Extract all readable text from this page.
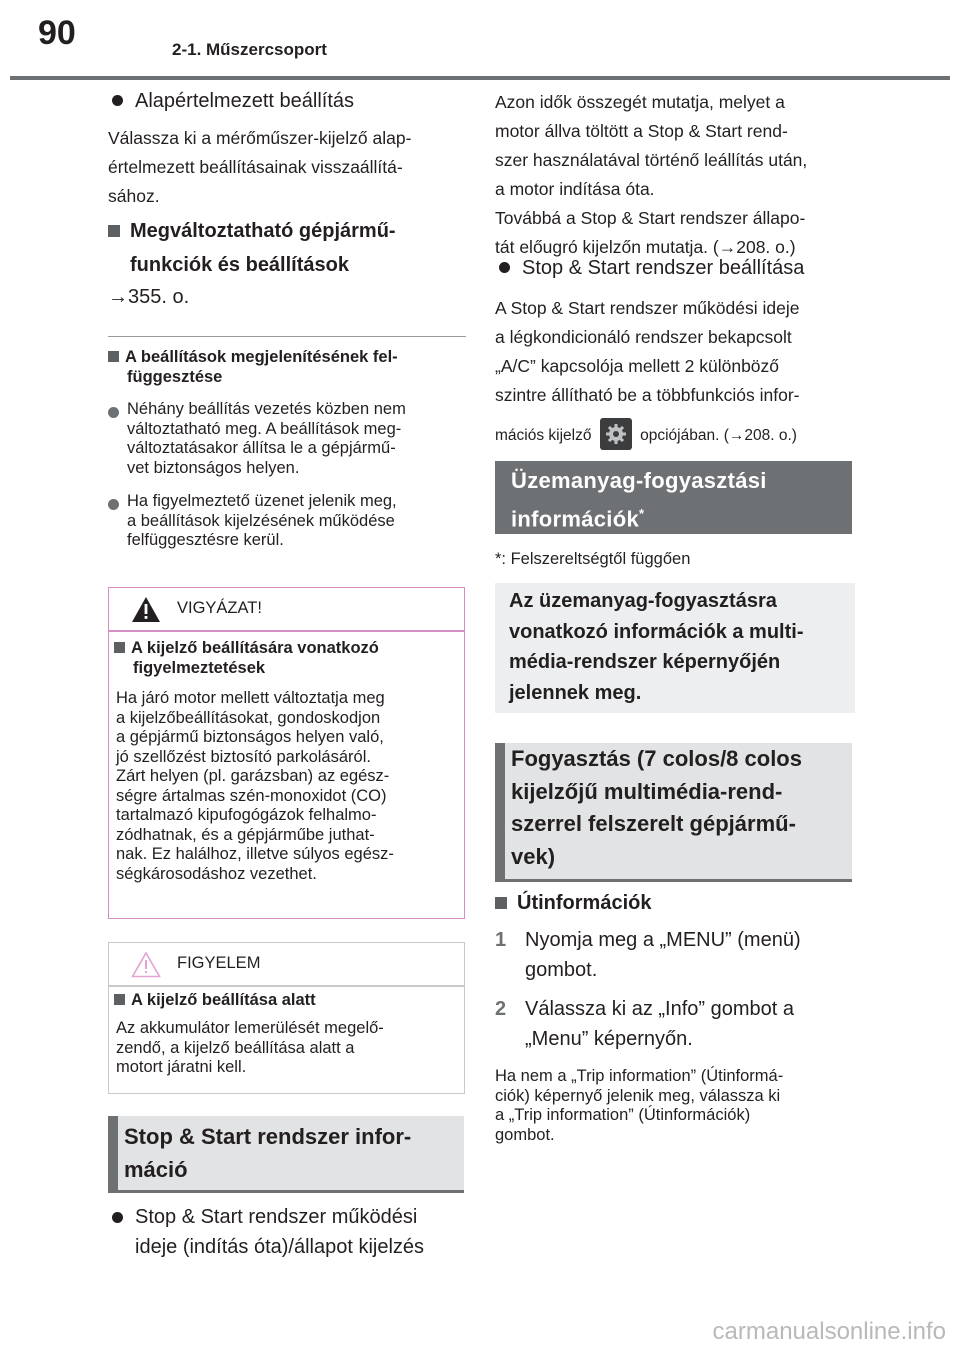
90	2-1. Műszercsoport
Alapértelmezett beállítás
Válassza ki a mérőműszer-kijelző alap-
értelmezett beállításainak visszaállítá-
sához.
Megváltoztatható gépjármű-
funkciók és beállítások
→355. o.
A beállítások megjelenítésének fel-
függesztése
Néhány beállítás vezetés közben nem
változtatható meg. A beállítások meg-
változtatásakor állítsa le a gépjármű-
vet biztonságos helyen.
Ha figyelmeztető üzenet jelenik meg,
a beállítások kijelzésének működése
felfüggesztésre kerül.
VIGYÁZAT!
A kijelző beállítására vonatkozó
figyelmeztetések
Ha járó motor mellett változtatja meg
a kijelzőbeállításokat, gondoskodjon
a gépjármű biztonságos helyen való,
jó szellőzést biztosító parkolásáról.
Zárt helyen (pl. garázsban) az egész-
ségre ártalmas szén-monoxidot (CO)
tartalmazó kipufogógázok felhalmo-
zódhatnak, és a gépjárműbe juthat-
nak. Ez halálhoz, illetve súlyos egész-
ségkárosodáshoz vezethet.
FIGYELEM
A kijelző beállítása alatt
Az akkumulátor lemerülését megelő-
zendő, a kijelző beállítása alatt a
motort járatni kell.
Stop & Start rendszer infor-
máció
Stop & Start rendszer működési
ideje (indítás óta)/állapot kijelzés
Azon idők összegét mutatja, melyet a
motor állva töltött a Stop & Start rend-
szer használatával történő leállítás után,
a motor indítása óta.
Továbbá a Stop & Start rendszer állapo-
tát előugró kijelzőn mutatja. (→208. o.)
Stop & Start rendszer beállítása
A Stop & Start rendszer működési ideje
a légkondicionáló rendszer bekapcsolt
„A/C” kapcsolója mellett 2 különböző
szintre állítható be a többfunkciós infor-
mációs kijelző	opciójában. (→208. o.)
Üzemanyag-fogyasztási
információk*
*: Felszereltségtől függően
Az üzemanyag-fogyasztásra
vonatkozó információk a multi-
média-rendszer képernyőjén
jelennek meg.
Fogyasztás (7 colos/8 colos
kijelzőjű multimédia-rend-
szerrel felszerelt gépjármű-
vek)
Útinformációk
1 Nyomja meg a „MENU” (menü)
gombot.
2 Válassza ki az „Info” gombot a
„Menu” képernyőn.
Ha nem a „Trip information” (Útinformá-
ciók) képernyő jelenik meg, válassza ki
a „Trip information” (Útinformációk)
gombot.
carmanualsonline.info
